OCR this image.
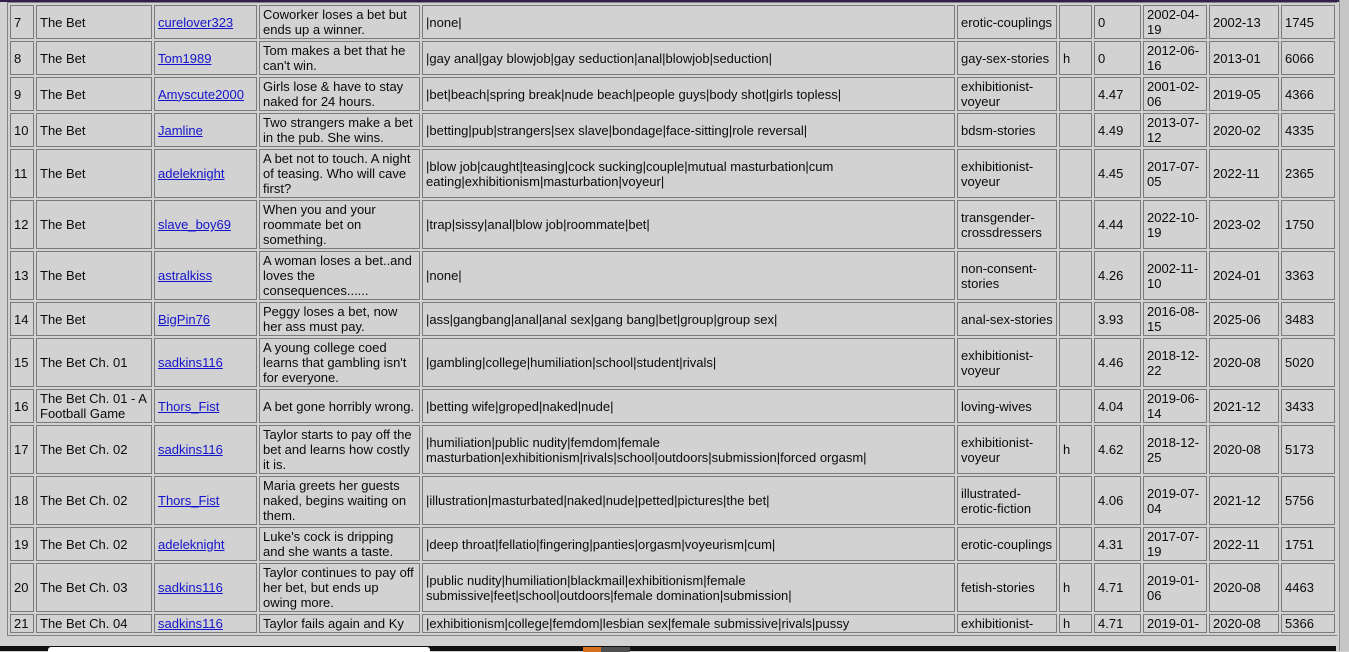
7	The Bet	curelover323	Coworker loses a bet but ends up a winner.	|none|	erotic-couplings		0	2002-04-19	2002-13	1745
8	The Bet	Tom1989	Tom makes a bet that he can't win.	|gay anal|gay blowjob|gay seduction|anal|blowjob|seduction|	gay-sex-stories	h	0	2012-06-16	2013-01	6066
9	The Bet	Amyscute2000	Girls lose & have to stay naked for 24 hours.	|bet|beach|spring break|nude beach|people guys|body shot|girls topless|	exhibitionist-voyeur		4.47	2001-02-06	2019-05	4366
10	The Bet	Jamline	Two strangers make a bet in the pub. She wins.	|betting|pub|strangers|sex slave|bondage|face-sitting|role reversal|	bdsm-stories		4.49	2013-07-12	2020-02	4335
11	The Bet	adeleknight	A bet not to touch. A night of teasing. Who will cave first?	|blow job|caught|teasing|cock sucking|couple|mutual masturbation|cum eating|exhibitionism|masturbation|voyeur|	exhibitionist-voyeur		4.45	2017-07-05	2022-11	2365
12	The Bet	slave_boy69	When you and your roommate bet on something.	|trap|sissy|anal|blow job|roommate|bet|	transgender-crossdressers		4.44	2022-10-19	2023-02	1750
13	The Bet	astralkiss	A woman loses a bet..and loves the consequences......	|none|	non-consent-stories		4.26	2002-11-10	2024-01	3363
14	The Bet	BigPin76	Peggy loses a bet, now her ass must pay.	|ass|gangbang|anal|anal sex|gang bang|bet|group|group sex|	anal-sex-stories		3.93	2016-08-15	2025-06	3483
15	The Bet Ch. 01	sadkins116	A young college coed learns that gambling isn't for everyone.	|gambling|college|humiliation|school|student|rivals|	exhibitionist-voyeur		4.46	2018-12-22	2020-08	5020
16	The Bet Ch. 01 - A Football Game	Thors_Fist	A bet gone horribly wrong.	|betting wife|groped|naked|nude|	loving-wives		4.04	2019-06-14	2021-12	3433
17	The Bet Ch. 02	sadkins116	Taylor starts to pay off the bet and learns how costly it is.	|humiliation|public nudity|femdom|female masturbation|exhibitionism|rivals|school|outdoors|submission|forced orgasm|	exhibitionist-voyeur	h	4.62	2018-12-25	2020-08	5173
18	The Bet Ch. 02	Thors_Fist	Maria greets her guests naked, begins waiting on them.	|illustration|masturbated|naked|nude|petted|pictures|the bet|	illustrated-erotic-fiction		4.06	2019-07-04	2021-12	5756
19	The Bet Ch. 02	adeleknight	Luke's cock is dripping and she wants a taste.	|deep throat|fellatio|fingering|panties|orgasm|voyeurism|cum|	erotic-couplings		4.31	2017-07-19	2022-11	1751
20	The Bet Ch. 03	sadkins116	Taylor continues to pay off her bet, but ends up owing more.	|public nudity|humiliation|blackmail|exhibitionism|female submissive|feet|school|outdoors|female domination|submission|	fetish-stories	h	4.71	2019-01-06	2020-08	4463
21	The Bet Ch. 04	sadkins116	Taylor fails again and Ky	|exhibitionism|college|femdom|lesbian sex|female submissive|rivals|pussy	exhibitionist-	h	4.71	2019-01-	2020-08	5366
